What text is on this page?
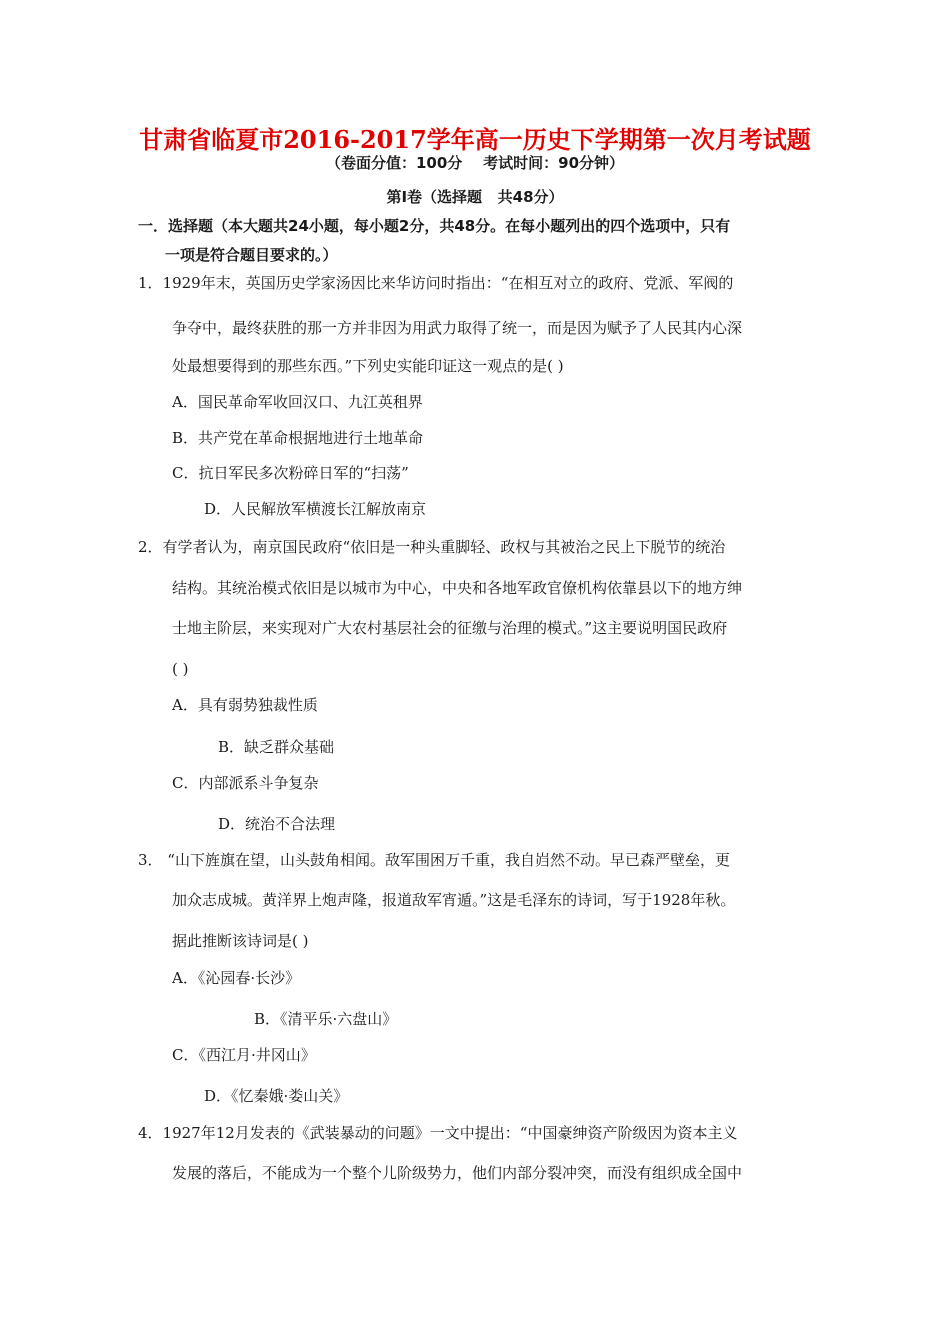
甘肃省临夏市2016-2017学年高一历史下学期第一次月考试题
（卷面分值：100分    考试时间：90分钟）
第Ⅰ卷（选择题   共48分）
一．选择题（本大题共24小题，每小题2分，共48分。在每小题列出的四个选项中，只有
一项是符合题目要求的。）
1．1929年末，英国历史学家汤因比来华访问时指出：“在相互对立的政府、党派、军阀的
争夺中，最终获胜的那一方并非因为用武力取得了统一，而是因为赋予了人民其内心深
处最想要得到的那些东西。”下列史实能印证这一观点的是( )
A．国民革命军收回汉口、九江英租界
B．共产党在革命根据地进行土地革命
C．抗日军民多次粉碎日军的“扫荡”
D．人民解放军横渡长江解放南京
2．有学者认为，南京国民政府“依旧是一种头重脚轻、政权与其被治之民上下脱节的统治
结构。其统治模式依旧是以城市为中心，中央和各地军政官僚机构依靠县以下的地方绅
士地主阶层，来实现对广大农村基层社会的征缴与治理的模式。”这主要说明国民政府
( )
A．具有弱势独裁性质
B．缺乏群众基础
C．内部派系斗争复杂
D．统治不合法理
3． “山下旌旗在望，山头鼓角相闻。敌军围困万千重，我自岿然不动。早已森严壁垒，更
加众志成城。黄洋界上炮声隆，报道敌军宵遁。”这是毛泽东的诗词，写于1928年秋。
据此推断该诗词是( )
A．《沁园春·长沙》
B．《清平乐·六盘山》
C．《西江月·井冈山》
D．《忆秦娥·娄山关》
4．1927年12月发表的《武装暴动的问题》一文中提出：“中国豪绅资产阶级因为资本主义
发展的落后，不能成为一个整个儿阶级势力，他们内部分裂冲突，而没有组织成全国中
